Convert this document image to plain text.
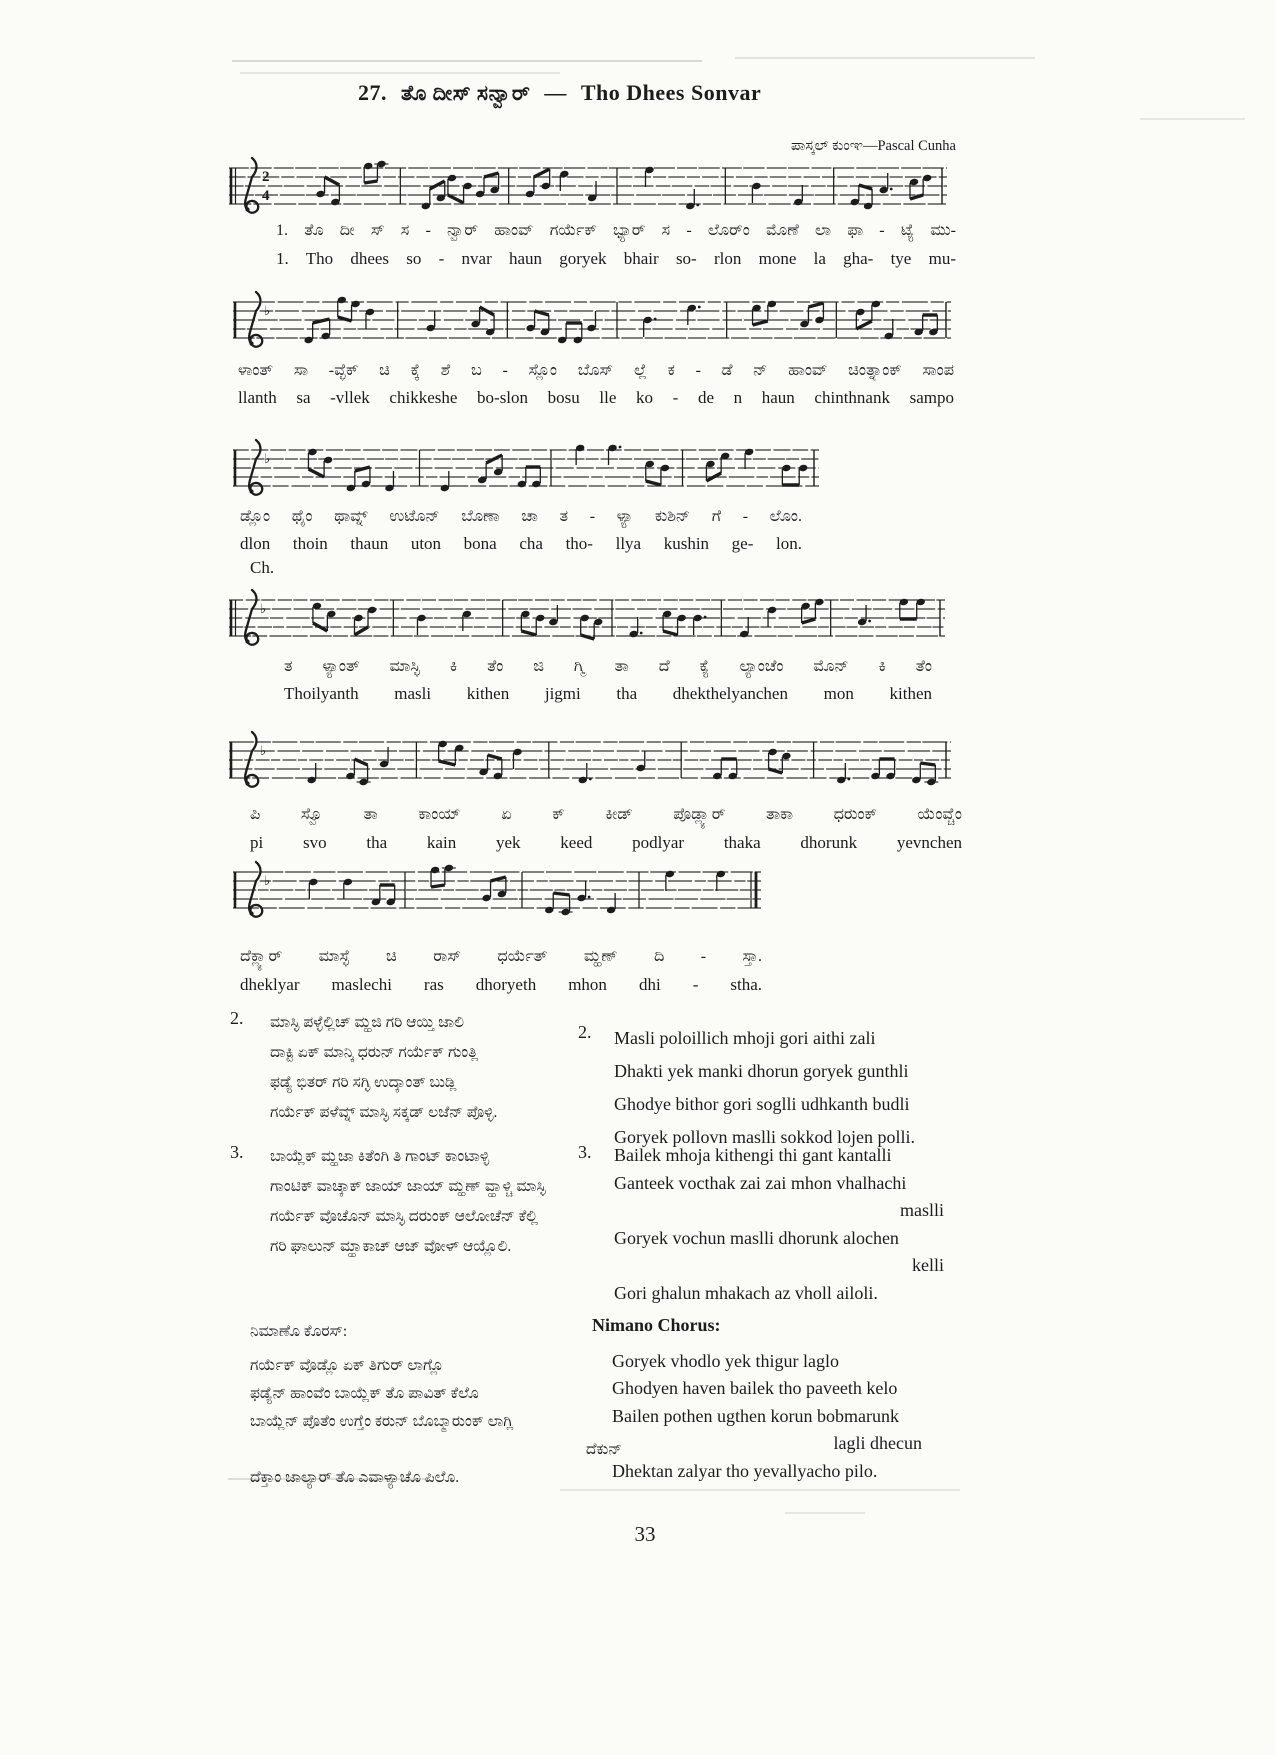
27. ತೊ ದೀಸ್ ಸನ್ವಾರ್ — Tho Dhees Sonvar
ಪಾಸ್ಕಲ್ ಕುಂಞ—Pascal Cunha
2
4
♭
♭
♭
♭
♭
Ch.
1. ತೊ ದೀ ಸ್ ಸ - ನ್ವಾರ್ ಹಾಂವ್ ಗರ್ಯೆಕ್ ಭ್ಯಾರ್ ಸ - ಲೊರ್ಂ ಮೊಣೆ ಲಾ ಫಾ - ಟ್ಯೆ ಮು-
1. Tho dhees so - nvar haun goryek bhair so- rlon mone la gha- tye mu-
ಳಾಂತ್ ಸಾ -ವ್ಳೆಕ್ ಚಿ ಕ್ಕೆ ಶೆ ಬ - ಸ್ಲೊಂ ಬೊಸ್ ಲ್ಲೆ ಕ - ಡೆ ನ್ ಹಾಂವ್ ಚಿಂತ್ನಾಂಕ್ ಸಾಂಪ
llanth sa -vllek chikkeshe bo-slon bosu lle ko - de n haun chinthnank sampo
ಡ್ಲೊಂ ಥೈಂ ಥಾವ್ನ್ ಉಟೊನ್ ಬೊಣಾ ಚಾ ತ - ಳ್ಯಾ ಕುಶಿನ್ ಗೆ - ಲೊಂ.
dlon thoin thaun uton bona cha tho- llya kushin ge- lon.
ತ ಳ್ಯಾಂತ್ ಮಾಸ್ಳಿ ಕಿ ತೆಂ ಜಿ ಗ್ಮಿ ತಾ ದೆ ಕ್ಯೆ ಲ್ಯಾಂಚೆಂ ಮೊನ್ ಕಿ ತೆಂ
Thoilyanth masli kithen jigmi tha dhekthelyanchen mon kithen
ಪಿ ಸ್ವೊ ತಾ ಕಾಂಯ್ ಏ ಕ್ ಕೀಡ್ ಪೊಡ್ಲ್ಯಾರ್ ತಾಕಾ ಧರುಂಕ್ ಯೆಂವ್ಚೆಂ
pi svo tha kain yek keed podlyar thaka dhorunk yevnchen
ದೆಕ್ಲ್ಯಾರ್ ಮಾಸ್ಳೆ ಚಿ ರಾಸ್ ಧರ್ಯೆತ್ ಮ್ಹಣ್ ದಿ - ಸ್ತಾ.
dheklyar maslechi ras dhoryeth mhon dhi - stha.
2. ಮಾಸ್ಳಿ ಪಳ್ಳೆಲ್ಲಿಚ್ ಮ್ಹಜಿ ಗರಿ ಆಯ್ತಿ ಜಾಲಿ
ದಾಕ್ಟಿ ಏಕ್ ಮಾನ್ಕಿ ಧರುನ್ ಗರ್ಯೆಕ್ ಗುಂತ್ಲಿ
ಫಡ್ಯೆ ಭಿತರ್ ಗರಿ ಸಗ್ಳಿ ಉದ್ಕಾಂತ್ ಬುಡ್ಲಿ
ಗರ್ಯೆಕ್ ಪಳೆವ್ನ್ ಮಾಸ್ಳಿ ಸಕ್ಕಡ್ ಲಜೆನ್ ಪೊಳ್ಳಿ.
2. Masli poloillich mhoji gori aithi zali
Dhakti yek manki dhorun goryek gunthli
Ghodye bithor gori soglli udhkanth budli
Goryek pollovn maslli sokkod lojen polli.
3. ಬಾಯ್ಲೆಕ್ ಮ್ಹಜಾ ಕಿತೆಂಗಿ ತಿ ಗಾಂಟ್ ಕಾಂಟಾಳ್ಳಿ
ಗಾಂಟಿಕ್ ವಾಚ್ಕಾಕ್ ಜಾಯ್ ಜಾಯ್ ಮ್ಹಣ್ ವ್ಹಾಳ್ಚಿ ಮಾಸ್ಳಿ
ಗರ್ಯೆಕ್ ವೊಚೊನ್ ಮಾಸ್ಳಿ ದರುಂಕ್ ಆಲೋಚೆನ್ ಕೆಲ್ಲಿ
ಗರಿ ಘಾಲುನ್ ಮ್ಹಾಕಾಚ್ ಆಜ್ ವೋಳ್ ಆಯ್ಲೊಲಿ.
3. Bailek mhoja kithengi thi gant kantalli
Ganteek vocthak zai zai mhon vhalhachi
maslli
Goryek vochun maslli dhorunk alochen
kelli
Gori ghalun mhakach az vholl ailoli.
ನಿಮಾಣೊ ಕೊರಸ್:
ಗರ್ಯೆಕ್ ವೊಡ್ಲೊ ಏಕ್ ತಿಗುರ್ ಲಾಗ್ಲೊ
ಫಡ್ಯೆನ್ ಹಾಂವೆಂ ಬಾಯ್ಲೆಕ್ ತೊ ಪಾವಿತ್ ಕೆಲೊ
ಬಾಯ್ಲೆನ್ ಪೊತೆಂ ಉಗ್ತೆಂ ಕರುನ್ ಬೊಬ್ಮಾರುಂಕ್ ಲಾಗ್ಲಿ
ದೆಕುನ್
ದೆಕ್ತಾಂ ಜಾಲ್ಯಾರ್ ತೊ ಎವಾಳ್ಯಾಚೊ ಪಿಲೊ.
Nimano Chorus:
Goryek vhodlo yek thigur laglo
Ghodyen haven bailek tho paveeth kelo
Bailen pothen ugthen korun bobmarunk
lagli dhecun
Dhektan zalyar tho yevallyacho pilo.
33
